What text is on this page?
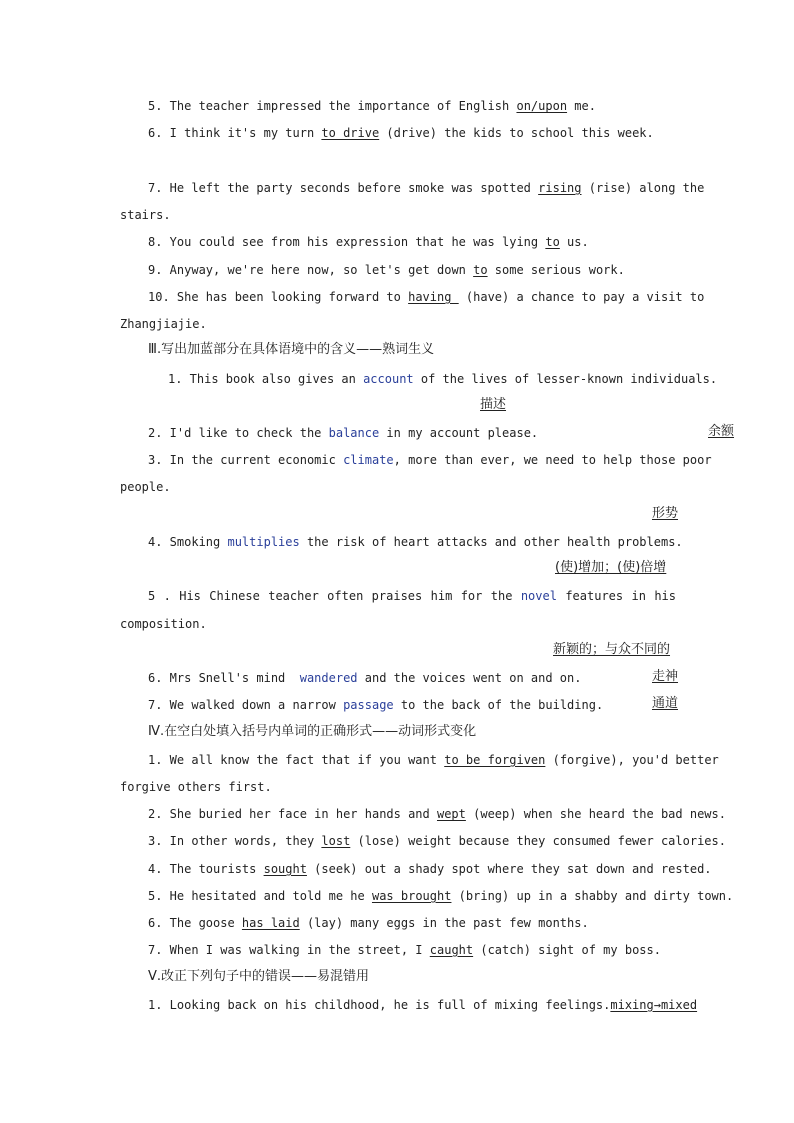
5. The teacher impressed the importance of English on/upon me.
6. I think it's my turn to drive (drive) the kids to school this week.
7. He left the party seconds before smoke was spotted rising (rise) along the
stairs.
8. You could see from his expression that he was lying to us.
9. Anyway, we're here now, so let's get down to some serious work.
10. She has been looking forward to having  (have) a chance to pay a visit to
Zhangjiajie.
Ⅲ.写出加蓝部分在具体语境中的含义——熟词生义
1. This book also gives an account of the lives of lesser-known individuals.
描述
2. I'd like to check the balance in my account please.	余额
3. In the current economic climate, more than ever, we need to help those poor
people.
形势
4. Smoking multiplies the risk of heart attacks and other health problems.
(使)增加；(使)倍增
5 . His Chinese teacher often praises him for the novel features in his
composition.
新颖的；与众不同的
6. Mrs Snell's mind  wandered and the voices went on and on.	走神
7. We walked down a narrow passage to the back of the building.	通道
Ⅳ.在空白处填入括号内单词的正确形式——动词形式变化
1. We all know the fact that if you want to be forgiven (forgive), you'd better
forgive others first.
2. She buried her face in her hands and wept (weep) when she heard the bad news.
3. In other words, they lost (lose) weight because they consumed fewer calories.
4. The tourists sought (seek) out a shady spot where they sat down and rested.
5. He hesitated and told me he was brought (bring) up in a shabby and dirty town.
6. The goose has laid (lay) many eggs in the past few months.
7. When I was walking in the street, I caught (catch) sight of my boss.
Ⅴ.改正下列句子中的错误——易混错用
1. Looking back on his childhood, he is full of mixing feelings.mixing→mixed
